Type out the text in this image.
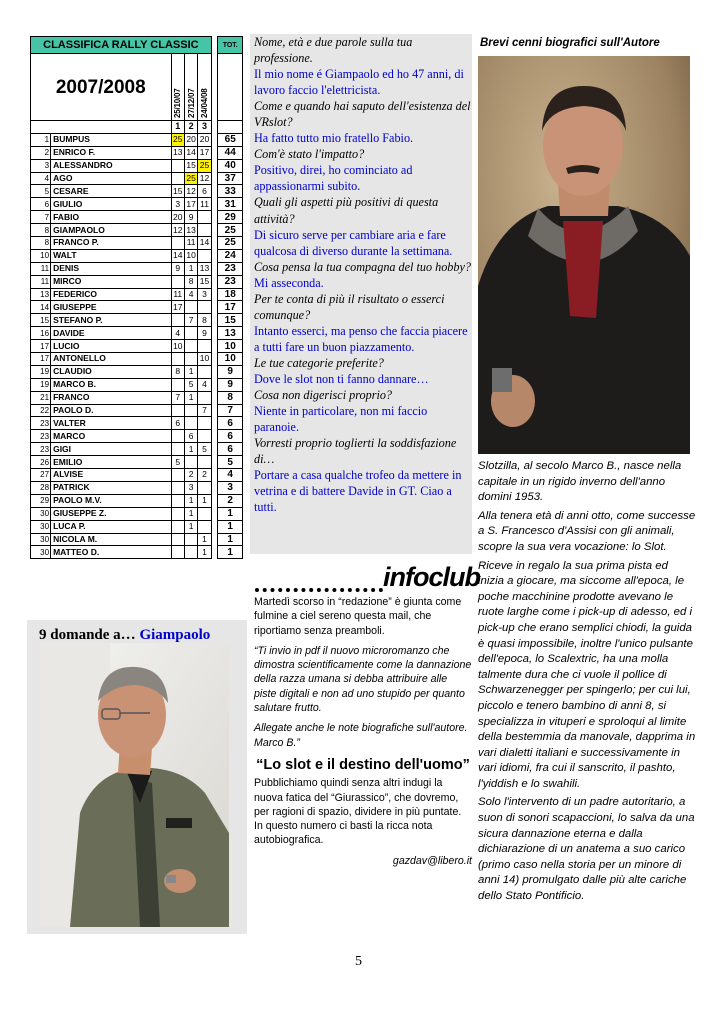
CLASSIFICA RALLY CLASSIC						TOT.
2007/2008		25/10/07	27/12/07	24/04/08		
		1	2	3		
1	BUMPUS	25	20	20		65
2	ENRICO F.	13	14	17		44
3	ALESSANDRO		15	25		40
4	AGO		25	12		37
5	CESARE	15	12	6		33
6	GIULIO	3	17	11		31
7	FABIO	20	9			29
8	GIAMPAOLO	12	13			25
8	FRANCO P.		11	14		25
10	WALT	14	10			24
11	DENIS	9	1	13		23
11	MIRCO		8	15		23
13	FEDERICO	11	4	3		18
14	GIUSEPPE	17				17
15	STEFANO P.		7	8		15
16	DAVIDE	4		9		13
17	LUCIO	10				10
17	ANTONELLO			10		10
19	CLAUDIO	8	1			9
19	MARCO B.		5	4		9
21	FRANCO	7	1			8
22	PAOLO D.			7		7
23	VALTER	6				6
23	MARCO		6			6
23	GIGI		1	5		6
26	EMILIO	5				5
27	ALVISE		2	2		4
28	PATRICK		3			3
29	PAOLO M.V.		1	1		2
30	GIUSEPPE Z.		1			1
30	LUCA P.		1			1
30	NICOLA M.			1		1
30	MATTEO D.			1		1

Nome, età e due parole sulla tua professione.

Il mio nome é Giampaolo ed ho 47 anni, di lavoro faccio l'elettricista.

Come e quando hai saputo dell'esistenza del VRslot?

Ha fatto tutto mio fratello Fabio.

Com'è stato l'impatto?

Positivo, direi, ho cominciato ad appassionarmi subito.

Quali gli aspetti più positivi di questa attività?

Di sicuro serve per cambiare aria e fare qualcosa di diverso durante la settimana.

Cosa pensa la tua compagna del tuo hobby?

Mi asseconda.

Per te conta di più il risultato o esserci comunque?

Intanto esserci, ma penso che faccia piacere a tutti fare un buon piazzamento.

Le tue categorie preferite?

Dove le slot non ti fanno dannare…

Cosa non digerisci proprio?

Niente in particolare, non mi faccio paranoie.

Vorresti proprio toglierti la soddisfazione di…

Portare a casa qualche trofeo da mettere in vetrina e di battere Davide in GT. Ciao a tutti.

9 domande a… Giampaolo
infoclub

Martedì scorso in “redazione” è giunta come fulmine a ciel sereno questa mail, che riportiamo senza preamboli.

“Ti invio in pdf il nuovo microromanzo che dimostra scientificamente come la dannazione della razza umana si debba attribuire alle piste digitali e non ad uno stupido per quanto salutare frutto.

Allegate anche le note biografiche sull'autore.

Marco B.”

“Lo slot e il destino dell'uomo”

Pubblichiamo quindi senza altri indugi la nuova fatica del “Giurassico”, che dovremo, per ragioni di spazio, dividere in più puntate. In questo numero ci basti la ricca nota autobiografica.

gazdav@libero.it

Brevi cenni biografici sull'Autore

Slotzilla, al secolo Marco B., nasce nella capitale in un rigido inverno dell'anno domini 1953.

Alla tenera età di anni otto, come successe a S. Francesco d'Assisi con gli animali, scopre la sua vera vocazione: lo Slot.

Riceve in regalo la sua prima pista ed inizia a giocare, ma siccome all'epoca, le poche macchinine prodotte avevano le ruote larghe come i pick-up di adesso, ed i pick-up che erano semplici chiodi, la guida è quasi impossibile, inoltre l'unico pulsante dell'epoca, lo Scalextric, ha una molla talmente dura che ci vuole il pollice di Schwarzenegger per spingerlo; per cui lui, piccolo e tenero bambino di anni 8, si specializza in vituperi e sproloqui al limite della bestemmia da manovale, dapprima in vari dialetti italiani e successivamente in vari idiomi, fra cui il sanscrito, il pashto, l'yiddish e lo swahili.

Solo l'intervento di un padre autoritario, a suon di sonori scapaccioni, lo salva da una sicura dannazione eterna e dalla dichiarazione di un anatema a suo carico (primo caso nella storia per un minore di anni 14) promulgato dalle più alte cariche dello Stato Pontificio.

5
